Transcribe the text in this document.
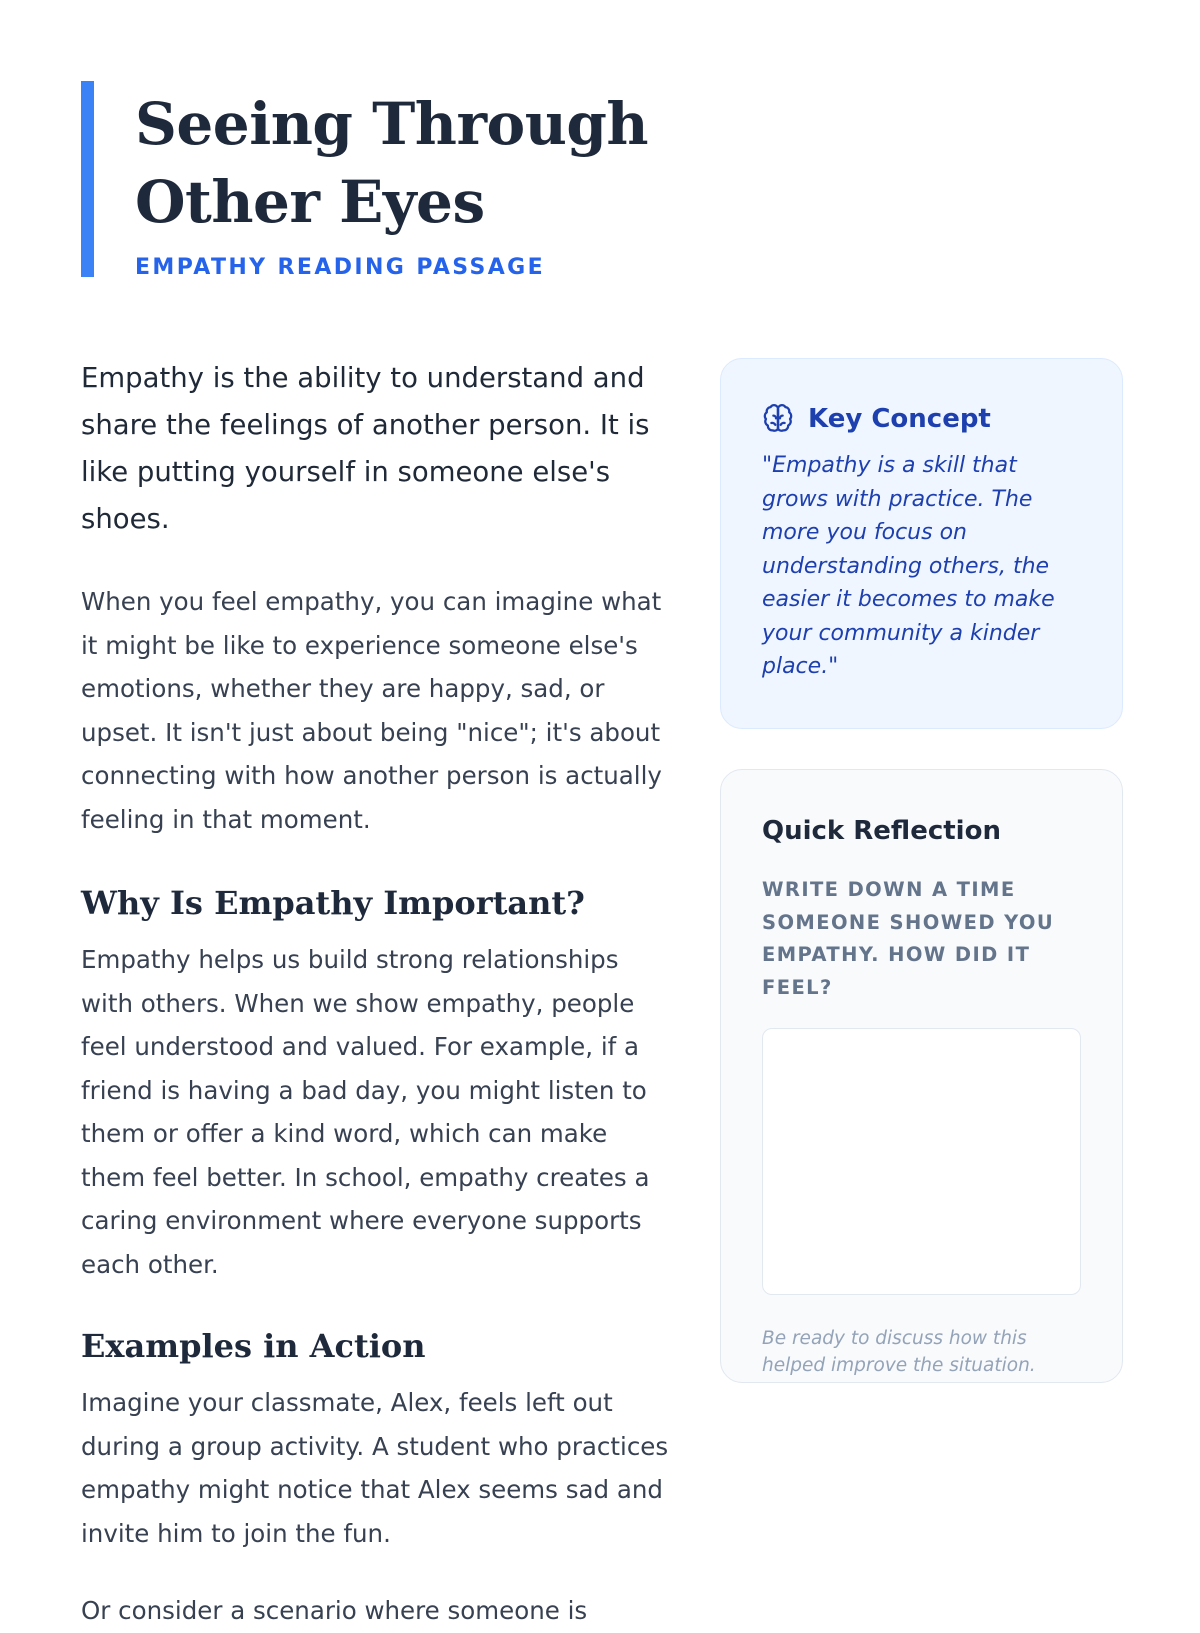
Seeing Through
Other Eyes
EMPATHY READING PASSAGE

Empathy is the ability to understand and share the feelings of another person. It is like putting yourself in someone else's shoes.

When you feel empathy, you can imagine what it might be like to experience someone else's emotions, whether they are happy, sad, or upset. It isn't just about being "nice"; it's about connecting with how another person is actually feeling in that moment.

Why Is Empathy Important?

Empathy helps us build strong relationships with others. When we show empathy, people feel understood and valued. For example, if a friend is having a bad day, you might listen to them or offer a kind word, which can make them feel better. In school, empathy creates a caring environment where everyone supports each other.

Examples in Action

Imagine your classmate, Alex, feels left out during a group activity. A student who practices empathy might notice that Alex seems sad and invite him to join the fun.

Or consider a scenario where someone is

Key Concept

"Empathy is a skill that grows with practice. The more you focus on understanding others, the easier it becomes to make your community a kinder place."

Quick Reflection

WRITE DOWN A TIME SOMEONE SHOWED YOU EMPATHY. HOW DID IT FEEL?

Be ready to discuss how this helped improve the situation.
